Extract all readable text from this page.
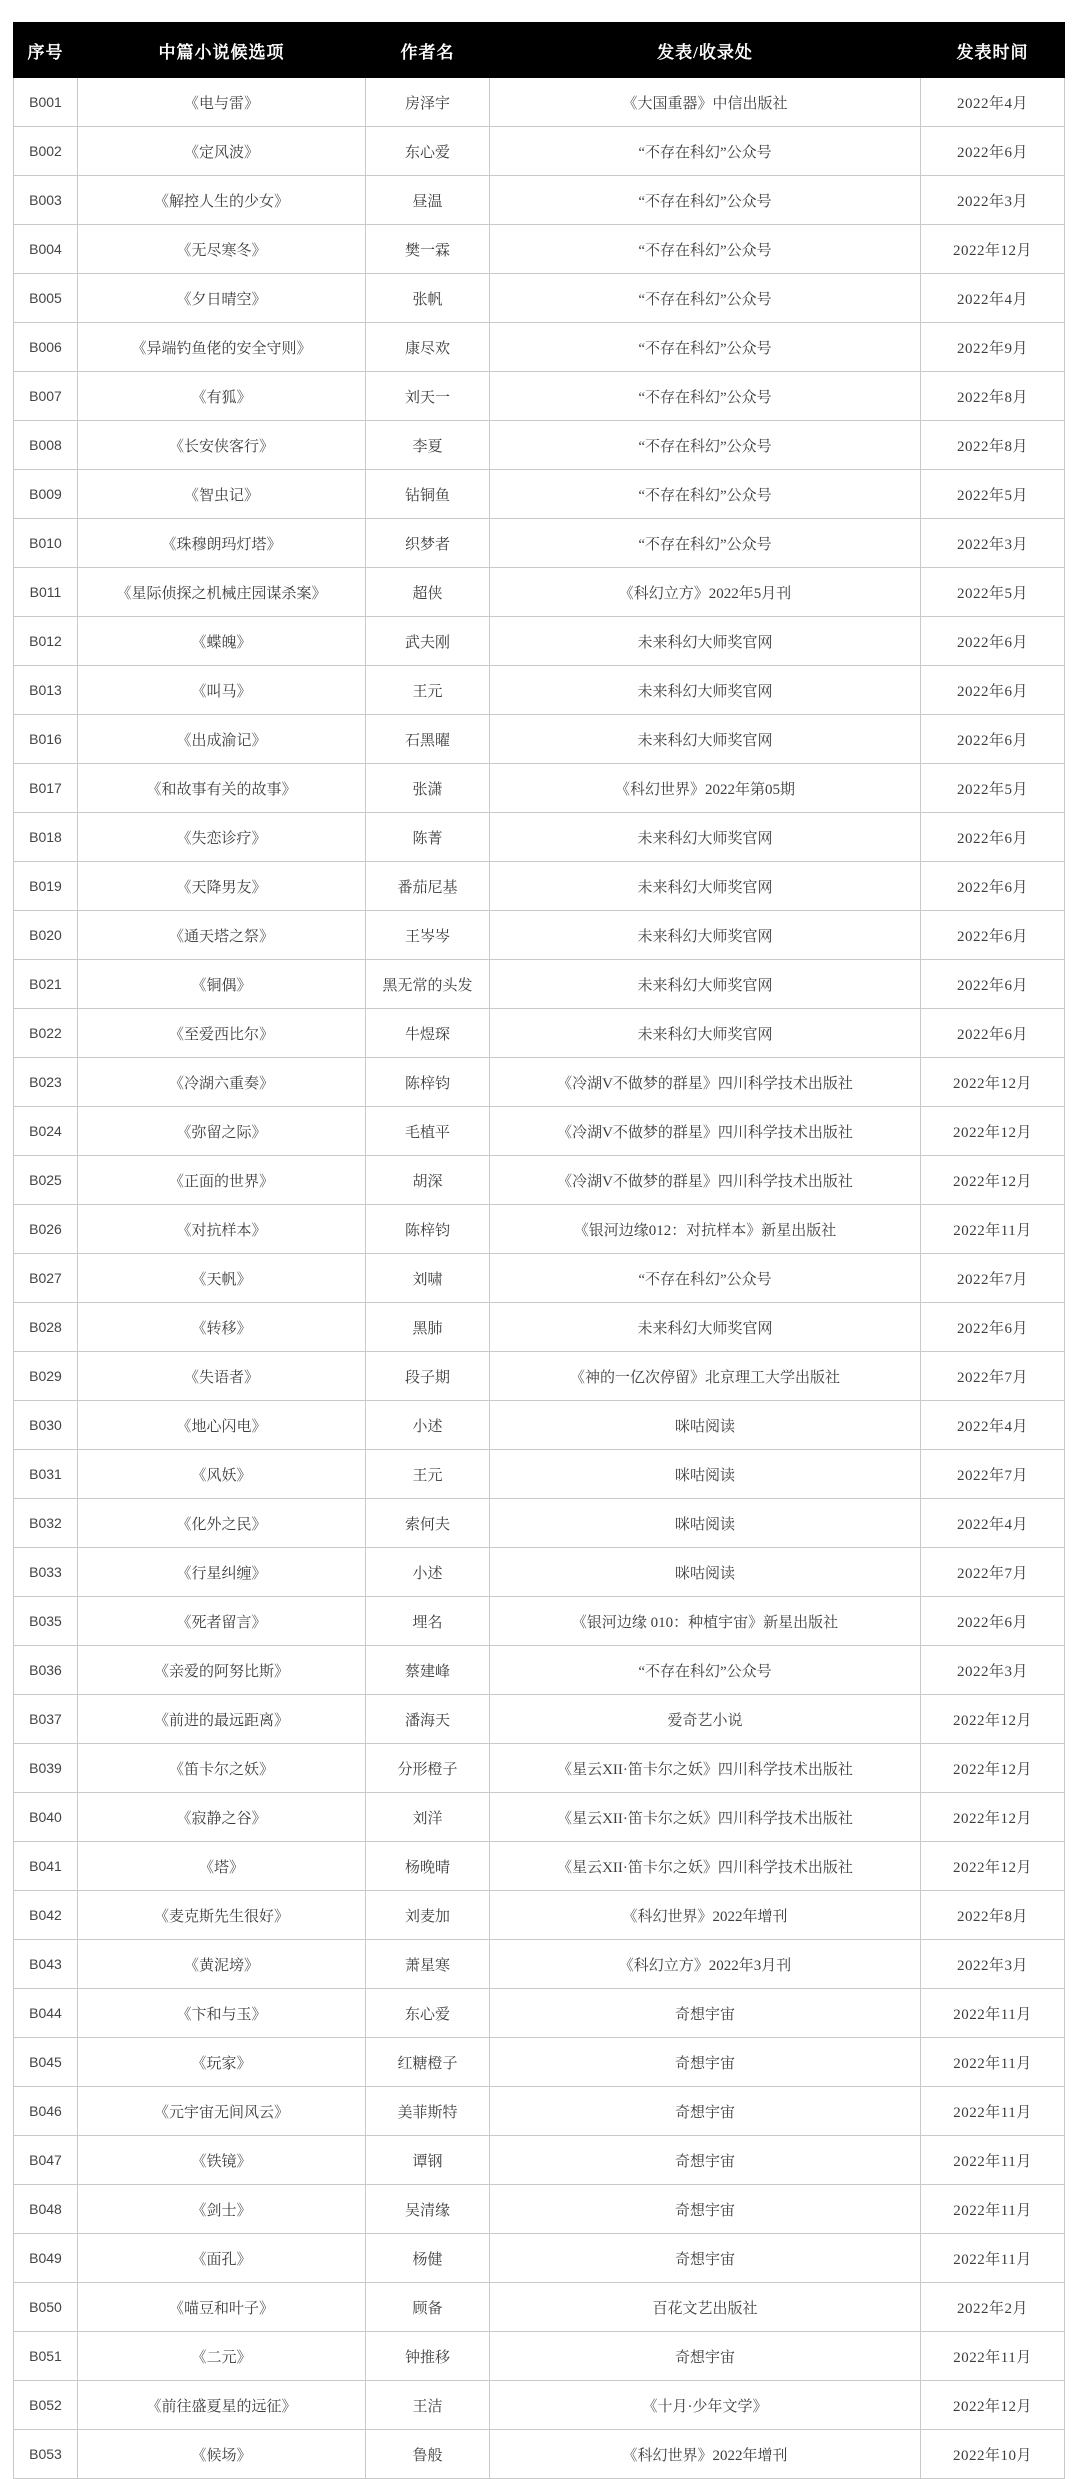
序号	中篇小说候选项	作者名	发表/收录处	发表时间
B001	《电与雷》	房泽宇	《大国重器》中信出版社	2022年4月
B002	《定风波》	东心爱	“不存在科幻”公众号	2022年6月
B003	《解控人生的少女》	昼温	“不存在科幻”公众号	2022年3月
B004	《无尽寒冬》	樊一霖	“不存在科幻”公众号	2022年12月
B005	《夕日晴空》	张帆	“不存在科幻”公众号	2022年4月
B006	《异端钓鱼佬的安全守则》	康尽欢	“不存在科幻”公众号	2022年9月
B007	《有狐》	刘天一	“不存在科幻”公众号	2022年8月
B008	《长安侠客行》	李夏	“不存在科幻”公众号	2022年8月
B009	《智虫记》	钻铜鱼	“不存在科幻”公众号	2022年5月
B010	《珠穆朗玛灯塔》	织梦者	“不存在科幻”公众号	2022年3月
B011	《星际侦探之机械庄园谋杀案》	超侠	《科幻立方》2022年5月刊	2022年5月
B012	《蝶魄》	武夫刚	未来科幻大师奖官网	2022年6月
B013	《叫马》	王元	未来科幻大师奖官网	2022年6月
B016	《出成渝记》	石黑曜	未来科幻大师奖官网	2022年6月
B017	《和故事有关的故事》	张潇	《科幻世界》2022年第05期	2022年5月
B018	《失恋诊疗》	陈菁	未来科幻大师奖官网	2022年6月
B019	《天降男友》	番茄尼基	未来科幻大师奖官网	2022年6月
B020	《通天塔之祭》	王岑岑	未来科幻大师奖官网	2022年6月
B021	《铜偶》	黑无常的头发	未来科幻大师奖官网	2022年6月
B022	《至爱西比尔》	牛煜琛	未来科幻大师奖官网	2022年6月
B023	《冷湖六重奏》	陈梓钧	《冷湖V不做梦的群星》四川科学技术出版社	2022年12月
B024	《弥留之际》	毛植平	《冷湖V不做梦的群星》四川科学技术出版社	2022年12月
B025	《正面的世界》	胡深	《冷湖V不做梦的群星》四川科学技术出版社	2022年12月
B026	《对抗样本》	陈梓钧	《银河边缘012：对抗样本》新星出版社	2022年11月
B027	《天帆》	刘啸	“不存在科幻”公众号	2022年7月
B028	《转移》	黑肺	未来科幻大师奖官网	2022年6月
B029	《失语者》	段子期	《神的一亿次停留》北京理工大学出版社	2022年7月
B030	《地心闪电》	小述	咪咕阅读	2022年4月
B031	《风妖》	王元	咪咕阅读	2022年7月
B032	《化外之民》	索何夫	咪咕阅读	2022年4月
B033	《行星纠缠》	小述	咪咕阅读	2022年7月
B035	《死者留言》	埋名	《银河边缘 010：种植宇宙》新星出版社	2022年6月
B036	《亲爱的阿努比斯》	蔡建峰	“不存在科幻”公众号	2022年3月
B037	《前进的最远距离》	潘海天	爱奇艺小说	2022年12月
B039	《笛卡尔之妖》	分形橙子	《星云XII·笛卡尔之妖》四川科学技术出版社	2022年12月
B040	《寂静之谷》	刘洋	《星云XII·笛卡尔之妖》四川科学技术出版社	2022年12月
B041	《塔》	杨晚晴	《星云XII·笛卡尔之妖》四川科学技术出版社	2022年12月
B042	《麦克斯先生很好》	刘麦加	《科幻世界》2022年增刊	2022年8月
B043	《黄泥塝》	萧星寒	《科幻立方》2022年3月刊	2022年3月
B044	《卞和与玉》	东心爱	奇想宇宙	2022年11月
B045	《玩家》	红糖橙子	奇想宇宙	2022年11月
B046	《元宇宙无间风云》	美菲斯特	奇想宇宙	2022年11月
B047	《铁镜》	谭钢	奇想宇宙	2022年11月
B048	《剑士》	吴清缘	奇想宇宙	2022年11月
B049	《面孔》	杨健	奇想宇宙	2022年11月
B050	《喵豆和叶子》	顾备	百花文艺出版社	2022年2月
B051	《二元》	钟推移	奇想宇宙	2022年11月
B052	《前往盛夏星的远征》	王洁	《十月·少年文学》	2022年12月
B053	《候场》	鲁般	《科幻世界》2022年增刊	2022年10月
